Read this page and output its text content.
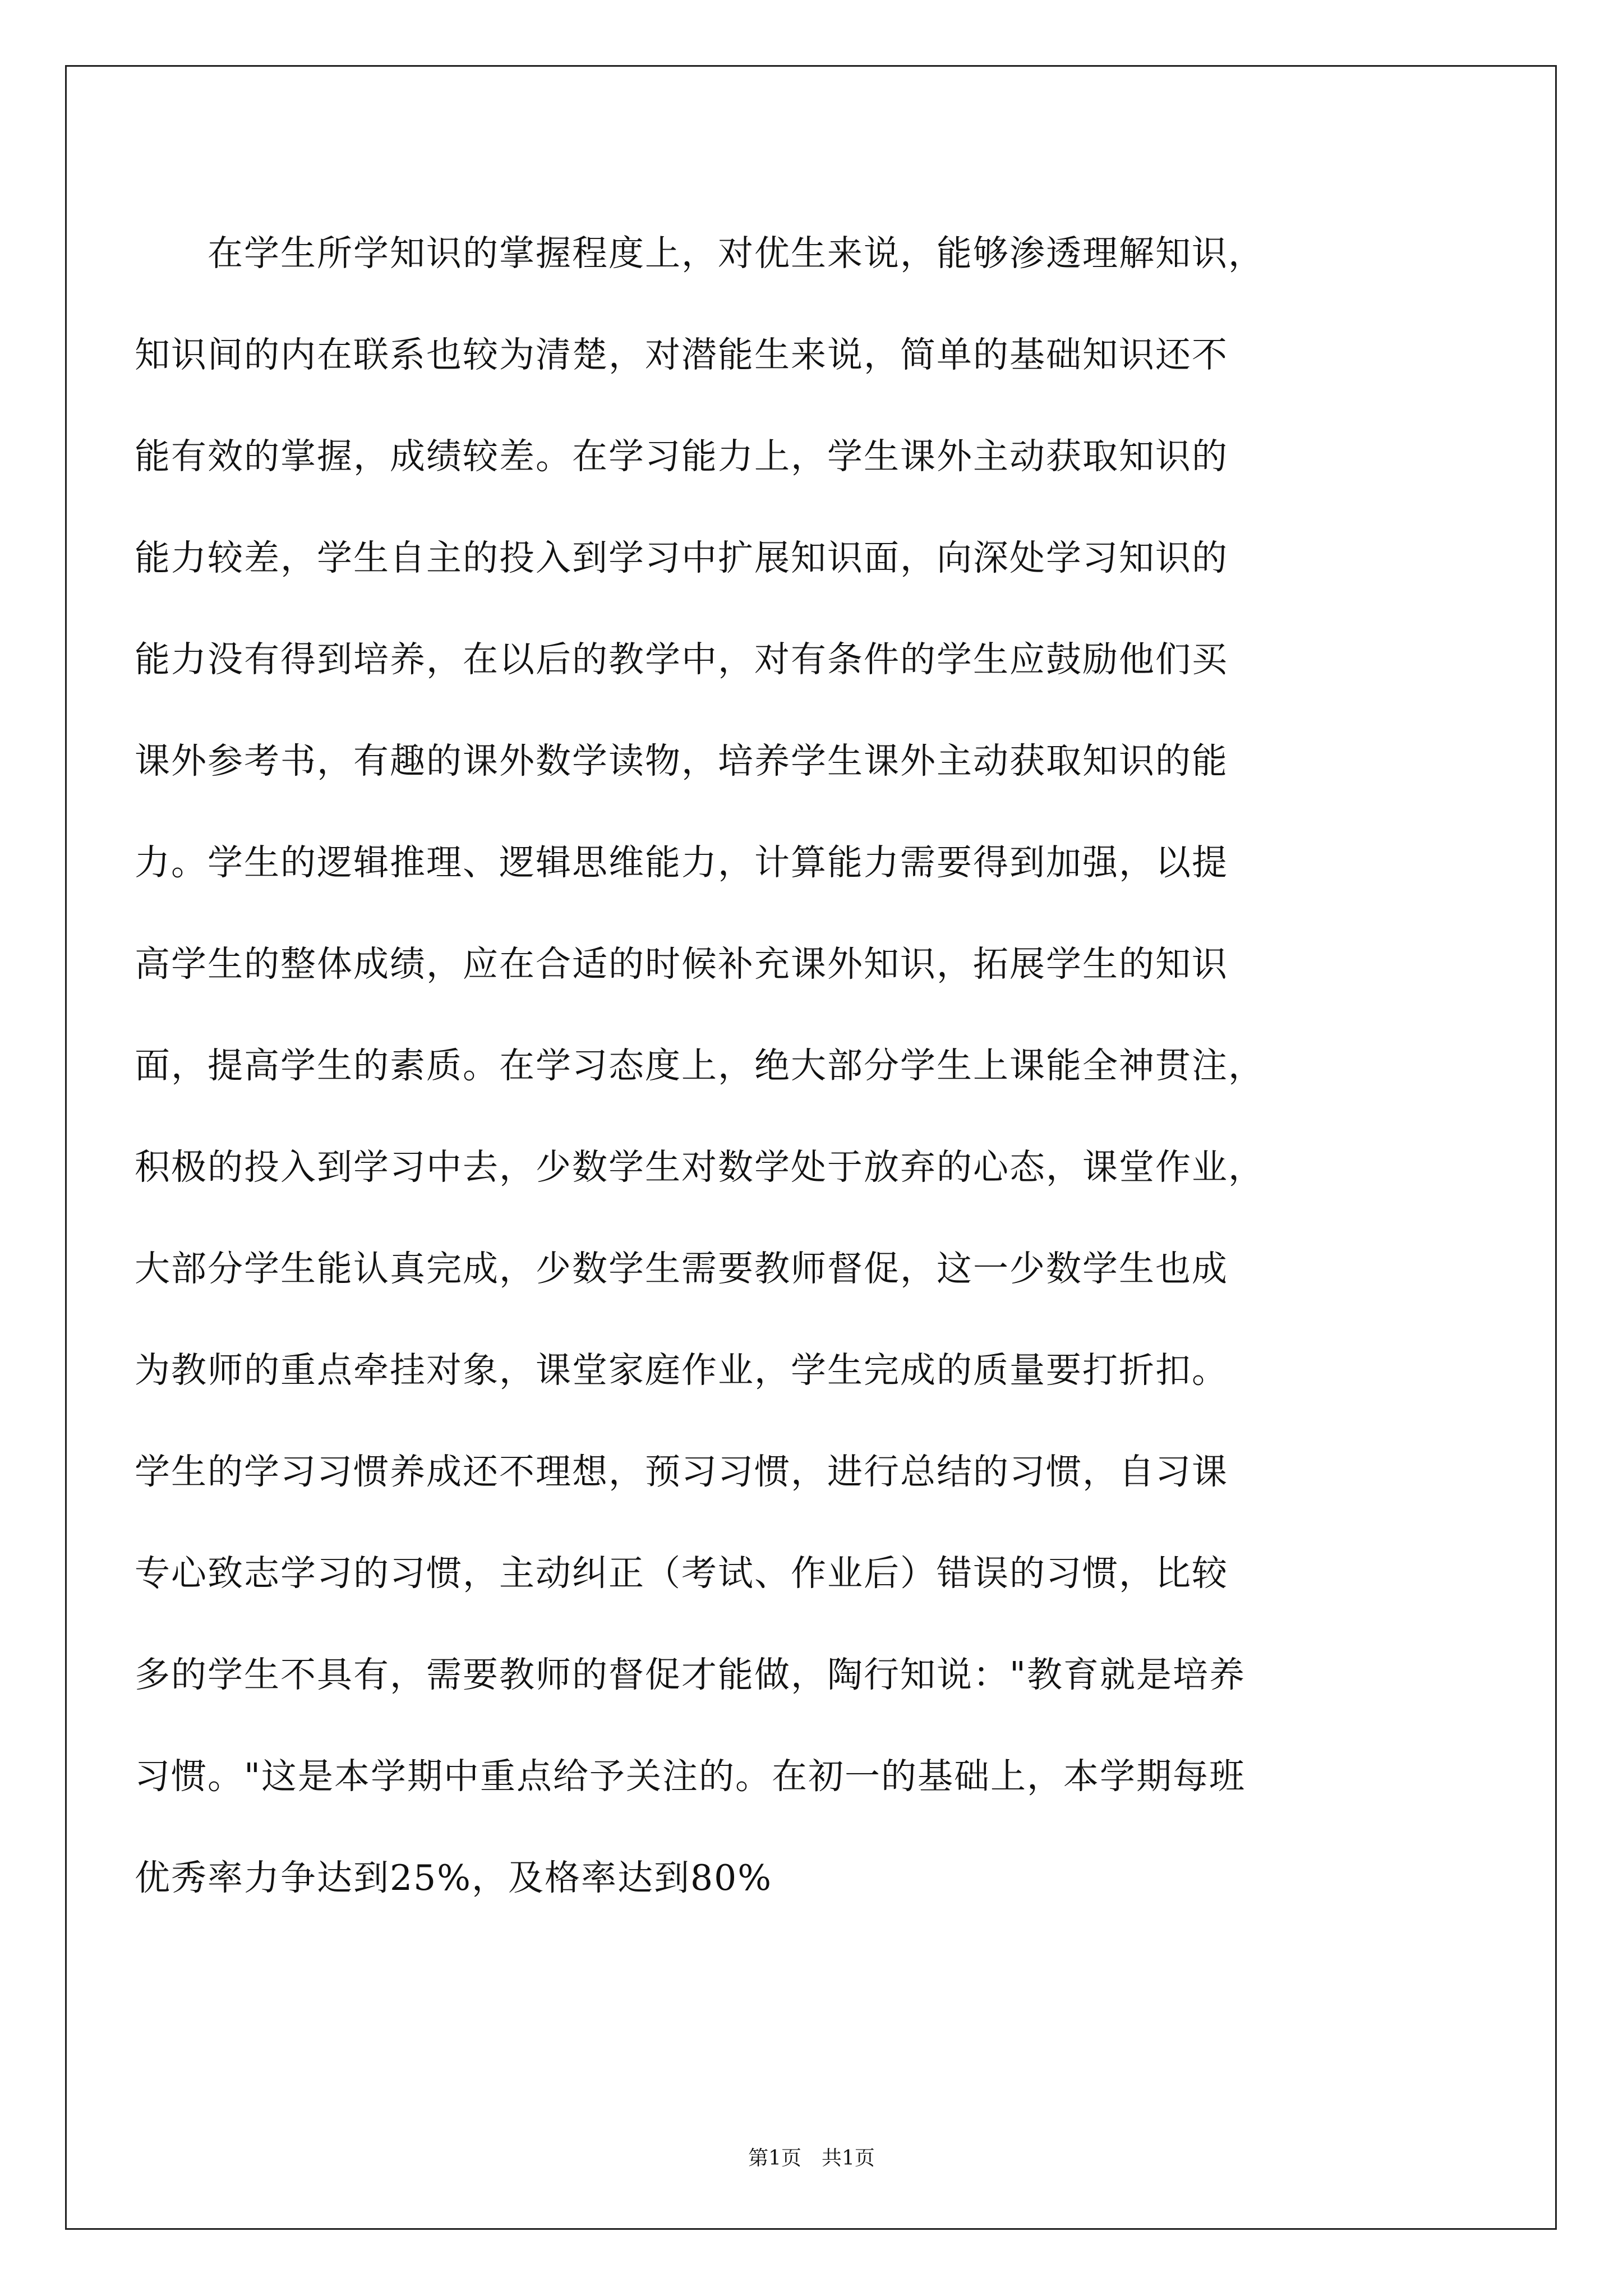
　　在学生所学知识的掌握程度上，对优生来说，能够渗透理解知识，
知识间的内在联系也较为清楚，对潜能生来说，简单的基础知识还不
能有效的掌握，成绩较差。在学习能力上，学生课外主动获取知识的
能力较差，学生自主的投入到学习中扩展知识面，向深处学习知识的
能力没有得到培养，在以后的教学中，对有条件的学生应鼓励他们买
课外参考书，有趣的课外数学读物，培养学生课外主动获取知识的能
力。学生的逻辑推理、逻辑思维能力，计算能力需要得到加强，以提
高学生的整体成绩，应在合适的时候补充课外知识，拓展学生的知识
面，提高学生的素质。在学习态度上，绝大部分学生上课能全神贯注，
积极的投入到学习中去，少数学生对数学处于放弃的心态，课堂作业，
大部分学生能认真完成，少数学生需要教师督促，这一少数学生也成
为教师的重点牵挂对象，课堂家庭作业，学生完成的质量要打折扣。
学生的学习习惯养成还不理想，预习习惯，进行总结的习惯，自习课
专心致志学习的习惯，主动纠正（考试、作业后）错误的习惯，比较
多的学生不具有，需要教师的督促才能做，陶行知说："教育就是培养
习惯。"这是本学期中重点给予关注的。在初一的基础上，本学期每班
优秀率力争达到25%，及格率达到80%
第1页　共1页
